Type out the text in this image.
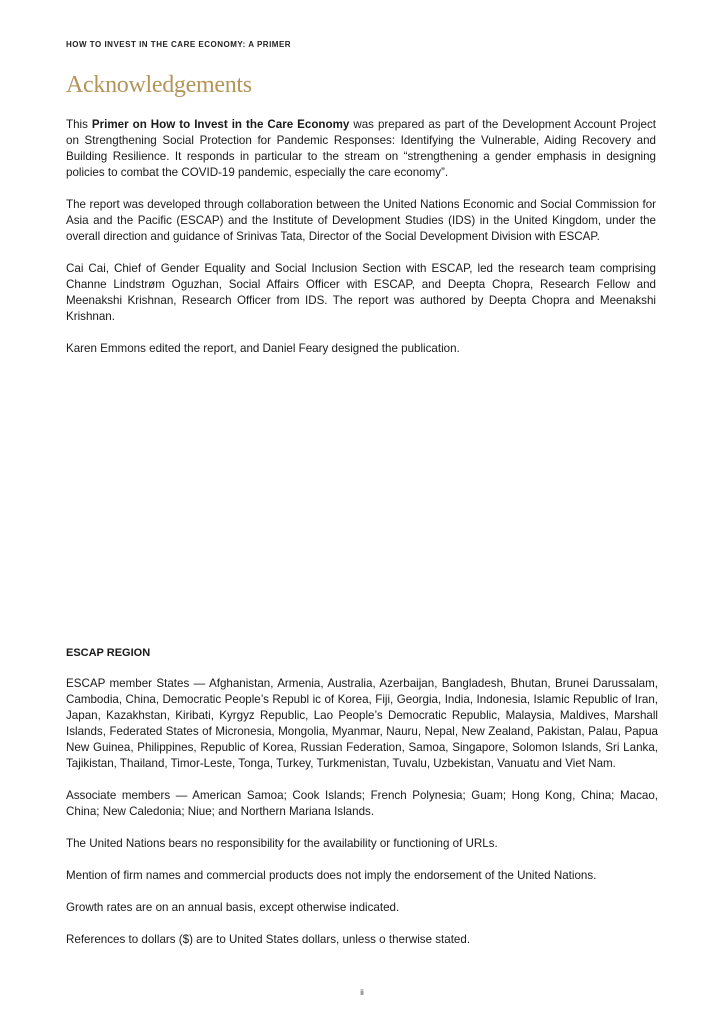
HOW TO INVEST IN THE CARE ECONOMY: A PRIMER
Acknowledgements

This Primer on How to Invest in the Care Economy was prepared as part of the Development Account Project on Strengthening Social Protection for Pandemic Responses: Identifying the Vulnerable, Aiding Recovery and Building Resilience. It responds in particular to the stream on “strengthening a gender emphasis in designing policies to combat the COVID-19 pandemic, especially the care economy”.

The report was developed through collaboration between the United Nations Economic and Social Commission for Asia and the Pacific (ESCAP) and the Institute of Development Studies (IDS) in the United Kingdom, under the overall direction and guidance of Srinivas Tata, Director of the Social Development Division with ESCAP.

Cai Cai, Chief of Gender Equality and Social Inclusion Section with ESCAP, led the research team comprising Channe Lindstrøm Oguzhan, Social Affairs Officer with ESCAP, and Deepta Chopra, Research Fellow and Meenakshi Krishnan, Research Officer from IDS. The report was authored by Deepta Chopra and Meenakshi Krishnan.

Karen Emmons edited the report, and Daniel Feary designed the publication.

ESCAP REGION

ESCAP member States — Afghanistan, Armenia, Australia, Azerbaijan, Bangladesh, Bhutan, Brunei Darussalam, Cambodia, China, Democratic People’s Republ ic of Korea, Fiji, Georgia, India, Indonesia, Islamic Republic of Iran, Japan, Kazakhstan, Kiribati, Kyrgyz Republic, Lao People’s Democratic Republic, Malaysia, Maldives, Marshall Islands, Federated States of Micronesia, Mongolia, Myanmar, Nauru, Nepal, New Zealand, Pakistan, Palau, Papua New Guinea, Philippines, Republic of Korea, Russian Federation, Samoa, Singapore, Solomon Islands, Sri Lanka, Tajikistan, Thailand, Timor-Leste, Tonga, Turkey, Turkmenistan, Tuvalu, Uzbekistan, Vanuatu and Viet Nam.

Associate members — American Samoa; Cook Islands; French Polynesia; Guam; Hong Kong, China; Macao, China; New Caledonia; Niue; and Northern Mariana Islands.

The United Nations bears no responsibility for the availability or functioning of URLs.

Mention of firm names and commercial products does not imply the endorsement of the United Nations.

Growth rates are on an annual basis, except otherwise indicated.

References to dollars ($) are to United States dollars, unless o therwise stated.

ii
